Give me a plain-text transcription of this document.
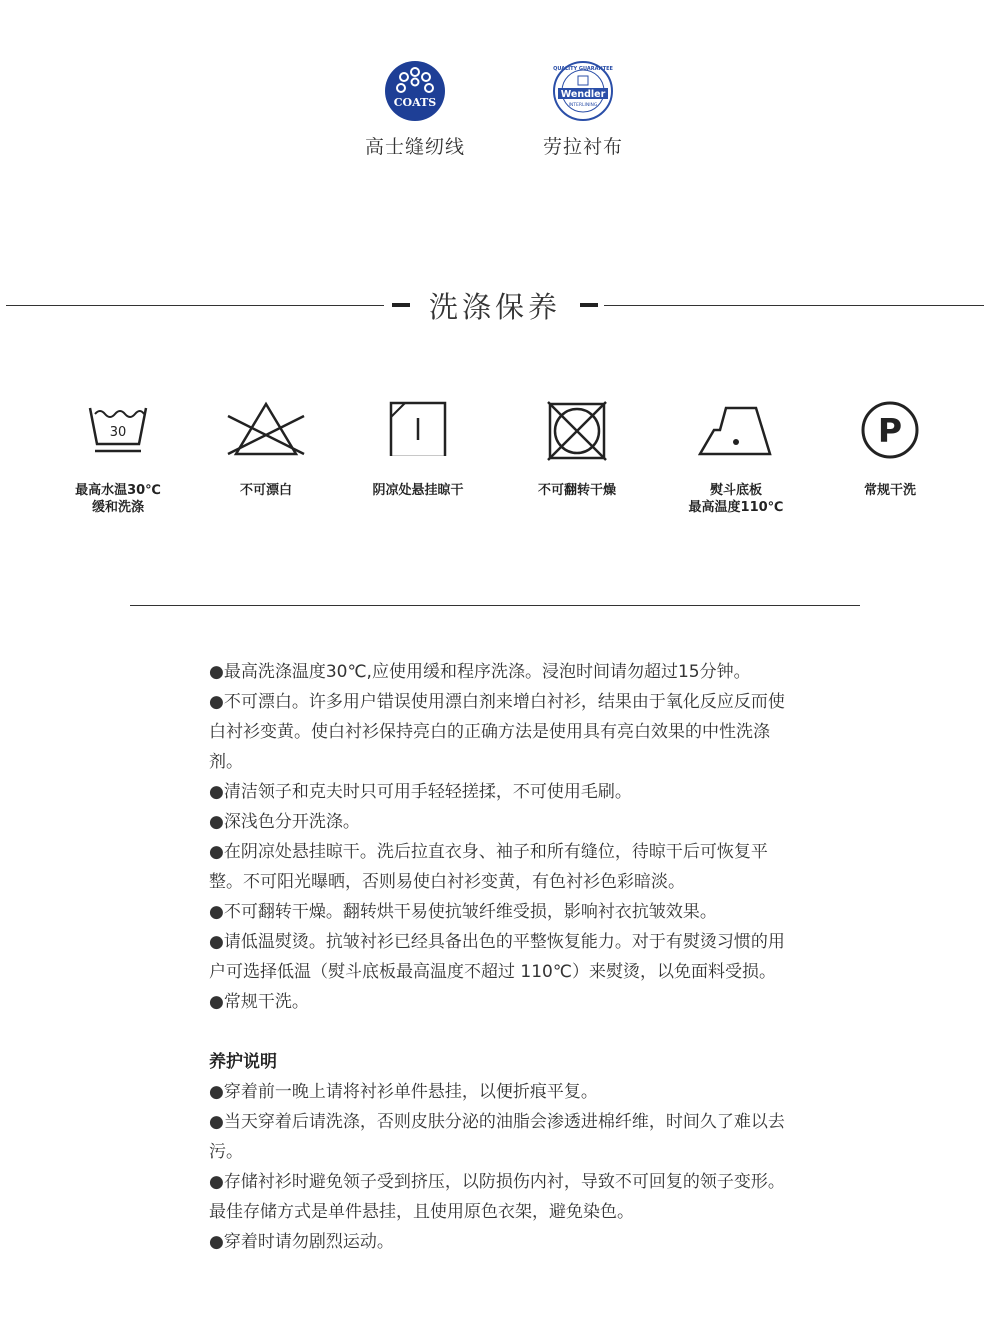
COATS
高士缝纫线
QUALITY GUARANTEE
Wendler
INTERLINING
劳拉衬布
洗涤保养
30
最高水温30℃
缓和洗涤
不可漂白	阴凉处悬挂晾干	不可翻转干燥	熨斗底板
最高温度110℃
P
常规干洗
●最高洗涤温度30℃,应使用缓和程序洗涤。浸泡时间请勿超过15分钟。
●不可漂白。许多用户错误使用漂白剂来增白衬衫，结果由于氧化反应反而使白衬衫变黄。使白衬衫保持亮白的正确方法是使用具有亮白效果的中性洗涤剂。
●清洁领子和克夫时只可用手轻轻搓揉，不可使用毛刷。
●深浅色分开洗涤。
●在阴凉处悬挂晾干。洗后拉直衣身、袖子和所有缝位，待晾干后可恢复平整。不可阳光曝晒，否则易使白衬衫变黄，有色衬衫色彩暗淡。
●不可翻转干燥。翻转烘干易使抗皱纤维受损，影响衬衣抗皱效果。
●请低温熨烫。抗皱衬衫已经具备出色的平整恢复能力。对于有熨烫习惯的用户可选择低温（熨斗底板最高温度不超过 110℃）来熨烫，以免面料受损。
●常规干洗。
养护说明
●穿着前一晚上请将衬衫单件悬挂，以便折痕平复。
●当天穿着后请洗涤，否则皮肤分泌的油脂会渗透进棉纤维，时间久了难以去污。
●存储衬衫时避免领子受到挤压，以防损伤内衬，导致不可回复的领子变形。最佳存储方式是单件悬挂，且使用原色衣架，避免染色。
●穿着时请勿剧烈运动。
